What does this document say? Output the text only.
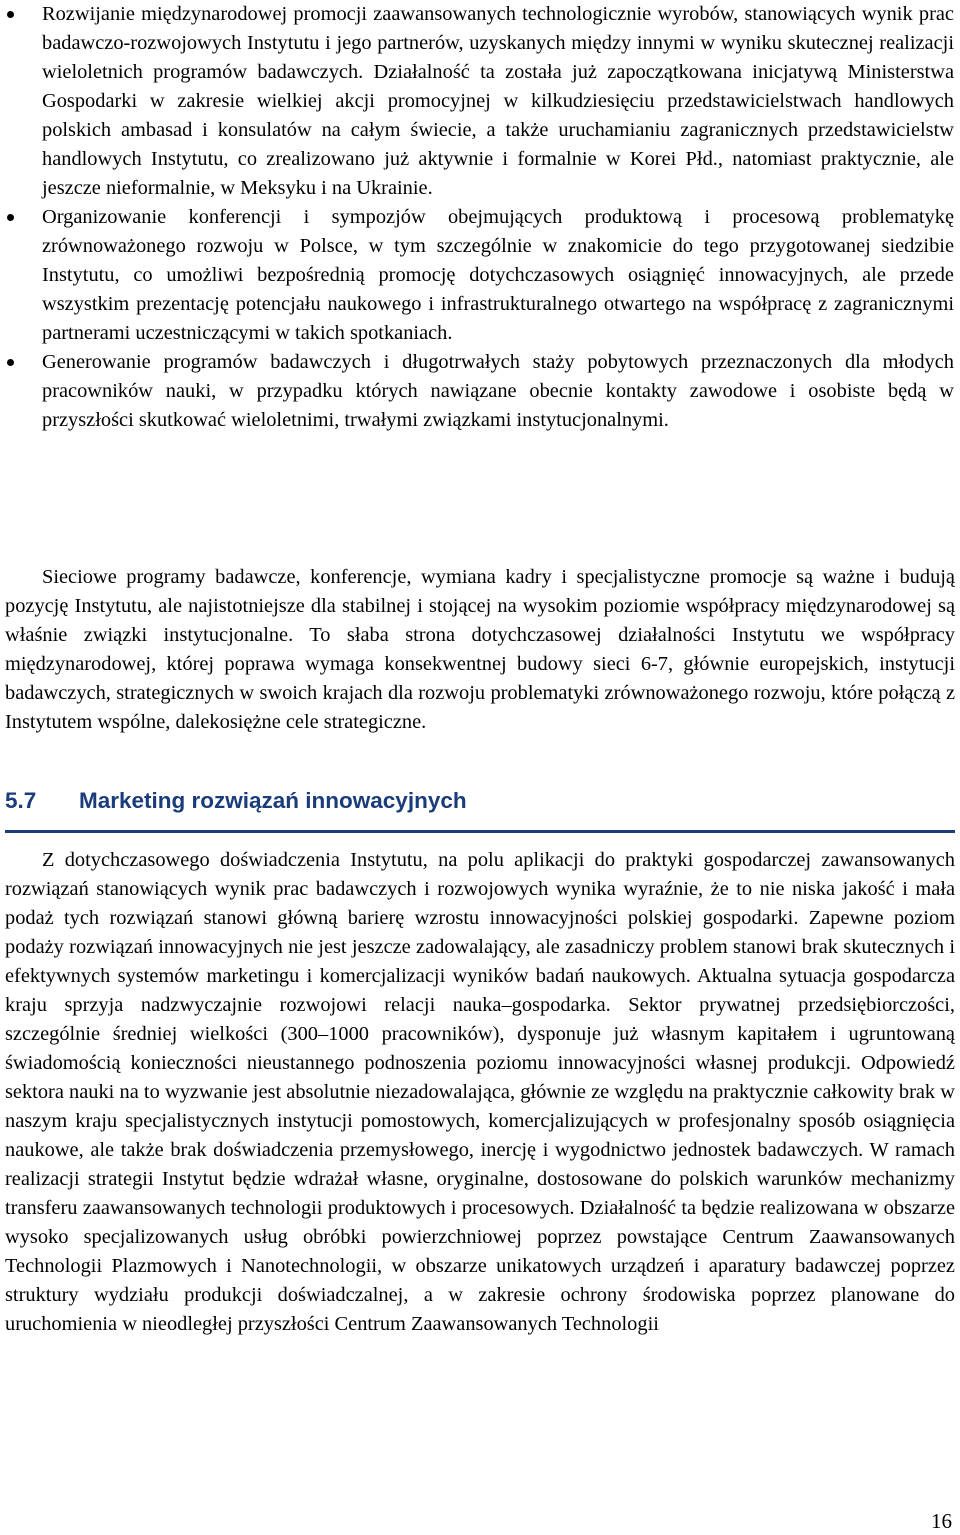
Rozwijanie międzynarodowej promocji zaawansowanych technologicznie wyrobów, stanowiących wynik prac badawczo-rozwojowych Instytutu i jego partnerów, uzyskanych między innymi w wyniku skutecznej realizacji wieloletnich programów badawczych. Działalność ta została już zapoczątkowana inicjatywą Ministerstwa Gospodarki w zakresie wielkiej akcji promocyjnej w kilkudziesięciu przedstawicielstwach handlowych polskich ambasad i konsulatów na całym świecie, a także uruchamianiu zagranicznych przedstawicielstw handlowych Instytutu, co zrealizowano już aktywnie i formalnie w Korei Płd., natomiast praktycznie, ale jeszcze nieformalnie, w Meksyku i na Ukrainie.
Organizowanie konferencji i sympozjów obejmujących produktową i procesową problematykę zrównoważonego rozwoju w Polsce, w tym szczególnie w znakomicie do tego przygotowanej siedzibie Instytutu, co umożliwi bezpośrednią promocję dotychczasowych osiągnięć innowacyjnych, ale przede wszystkim prezentację potencjału naukowego i infrastrukturalnego otwartego na współpracę z zagranicznymi partnerami uczestniczącymi w takich spotkaniach.
Generowanie programów badawczych i długotrwałych staży pobytowych przeznaczonych dla młodych pracowników nauki, w przypadku których nawiązane obecnie kontakty zawodowe i osobiste będą w przyszłości skutkować wieloletnimi, trwałymi związkami instytucjonalnymi.

Sieciowe programy badawcze, konferencje, wymiana kadry i specjalistyczne promocje są ważne i budują pozycję Instytutu, ale najistotniejsze dla stabilnej i stojącej na wysokim poziomie współpracy międzynarodowej są właśnie związki instytucjonalne. To słaba strona dotychczasowej działalności Instytutu we współpracy międzynarodowej, której poprawa wymaga konsekwentnej budowy sieci 6-7, głównie europejskich, instytucji badawczych, strategicznych w swoich krajach dla rozwoju problematyki zrównoważonego rozwoju, które połączą z Instytutem wspólne, dalekosiężne cele strategiczne.

5.7 Marketing rozwiązań innowacyjnych

Z dotychczasowego doświadczenia Instytutu, na polu aplikacji do praktyki gospodarczej zawansowanych rozwiązań stanowiących wynik prac badawczych i rozwojowych wynika wyraźnie, że to nie niska jakość i mała podaż tych rozwiązań stanowi główną barierę wzrostu innowacyjności polskiej gospodarki. Zapewne poziom podaży rozwiązań innowacyjnych nie jest jeszcze zadowalający, ale zasadniczy problem stanowi brak skutecznych i efektywnych systemów marketingu i komercjalizacji wyników badań naukowych. Aktualna sytuacja gospodarcza kraju sprzyja nadzwyczajnie rozwojowi relacji nauka–gospodarka. Sektor prywatnej przedsiębiorczości, szczególnie średniej wielkości (300–1000 pracowników), dysponuje już własnym kapitałem i ugruntowaną świadomością konieczności nieustannego podnoszenia poziomu innowacyjności własnej produkcji. Odpowiedź sektora nauki na to wyzwanie jest absolutnie niezadowalająca, głównie ze względu na praktycznie całkowity brak w naszym kraju specjalistycznych instytucji pomostowych, komercjalizujących w profesjonalny sposób osiągnięcia naukowe, ale także brak doświadczenia przemysłowego, inercję i wygodnictwo jednostek badawczych. W ramach realizacji strategii Instytut będzie wdrażał własne, oryginalne, dostosowane do polskich warunków mechanizmy transferu zaawansowanych technologii produktowych i procesowych. Działalność ta będzie realizowana w obszarze wysoko specjalizowanych usług obróbki powierzchniowej poprzez powstające Centrum Zaawansowanych Technologii Plazmowych i Nanotechnologii, w obszarze unikatowych urządzeń i aparatury badawczej poprzez struktury wydziału produkcji doświadczalnej, a w zakresie ochrony środowiska poprzez planowane do uruchomienia w nieodległej przyszłości Centrum Zaawansowanych Technologii

16
